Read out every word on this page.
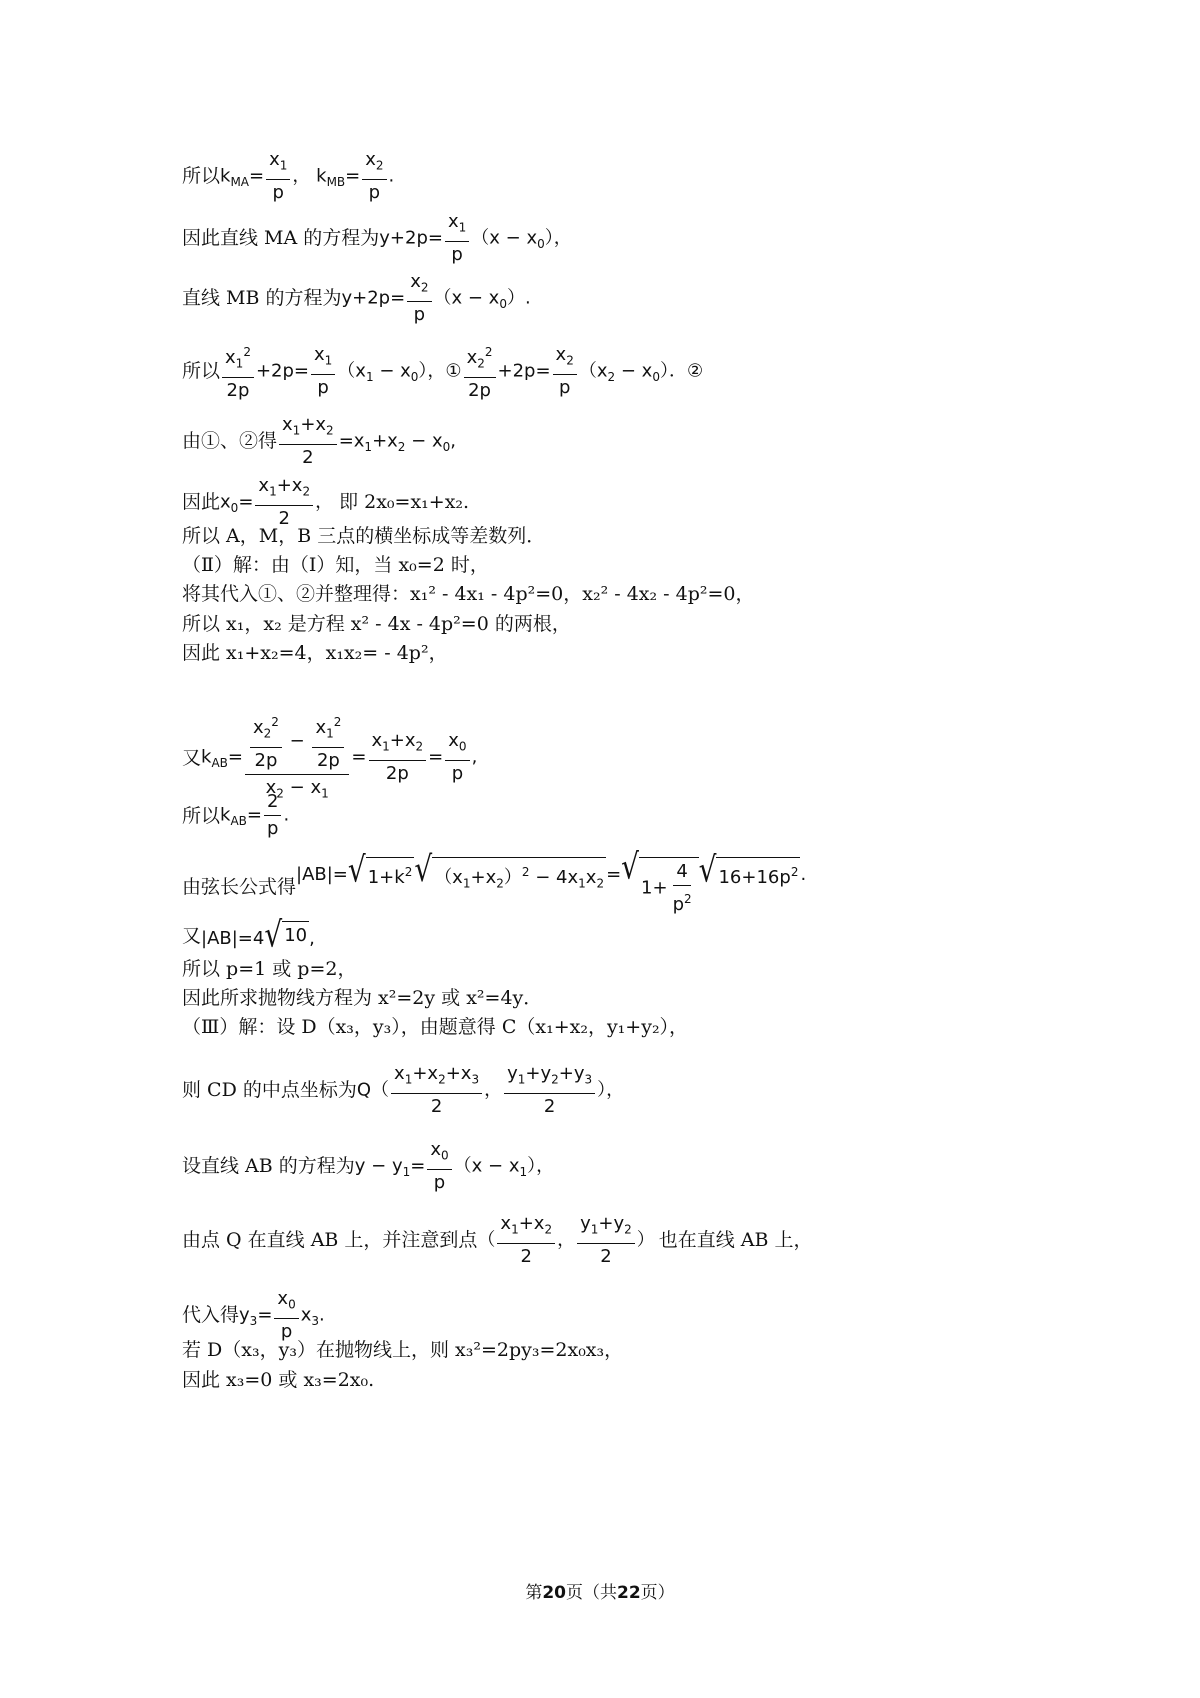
所以 $k_{MA}= \frac{x_1}{p}$ ， $k_{MB}= \frac{x_2}{p}$ .
因此直线 MA 的方程为 $y+2p= \frac{x_1}{p} (x - x_0)$，
直线 MB 的方程为 $y+2p= \frac{x_2}{p} (x - x_0)$.
所以 $\frac{x_1^2}{2p} +2p= \frac{x_1}{p} (x_1 - x_0)$，① $\frac{x_2^2}{2p} +2p= \frac{x_2}{p} (x_2 - x_0)$．②
由①、②得 $\frac{x_1+x_2}{2} =x_1+x_2 - x_0$,
因此 $x_0= \frac{x_1+x_2}{2}$ ， 即 2x₀=x₁+x₂.
所以 A，M，B 三点的横坐标成等差数列．
（Ⅱ）解：由（Ⅰ）知，当 x₀=2 时，
将其代入①、②并整理得：x₁² - 4x₁ - 4p²=0，x₂² - 4x₂ - 4p²=0，
所以 x₁，x₂ 是方程 x² - 4x - 4p²=0 的两根，
因此 x₁+x₂=4，x₁x₂= - 4p²，
又 $k_{AB}= \frac{\frac{x_2^2}{2p} - \frac{x_1^2}{2p}}{x_2 - x_1} = \frac{x_1+x_2}{2p} = \frac{x_0}{p}$ ,
所以 $k_{AB}= \frac{2}{p}$ .
由弦长公式得
|AB|= √ $1+k^2$ √ $(x_1+x_2)^2 - 4x_1x_2$ = √
$1+ \frac{4}{p^2}$ √ $16+16p^2$ .
又 |AB|=4 √ 10 ,
所以 p=1 或 p=2，
因此所求抛物线方程为 x²=2y 或 x²=4y．
（Ⅲ）解：设 D（x₃，y₃），由题意得 C（x₁+x₂，y₁+y₂），
则 CD 的中点坐标为 $Q( \frac{x_1+x_2+x_3}{2}$ ， $\frac{y_1+y_2+y_3}{2}$ ），
设直线 AB 的方程为 $y - y_1= \frac{x_0}{p} (x - x_1)$，
由点 Q 在直线 AB 上，并注意到点 （ $\frac{x_1+x_2}{2}$ ， $\frac{y_1+y_2}{2}$ ） 也在直线 AB 上，
代入得 $y_3= \frac{x_0}{p} x_3$.
若 D（x₃，y₃）在抛物线上，则 x₃²=2py₃=2x₀x₃，
因此 x₃=0 或 x₃=2x₀.
第20页（共22页）
